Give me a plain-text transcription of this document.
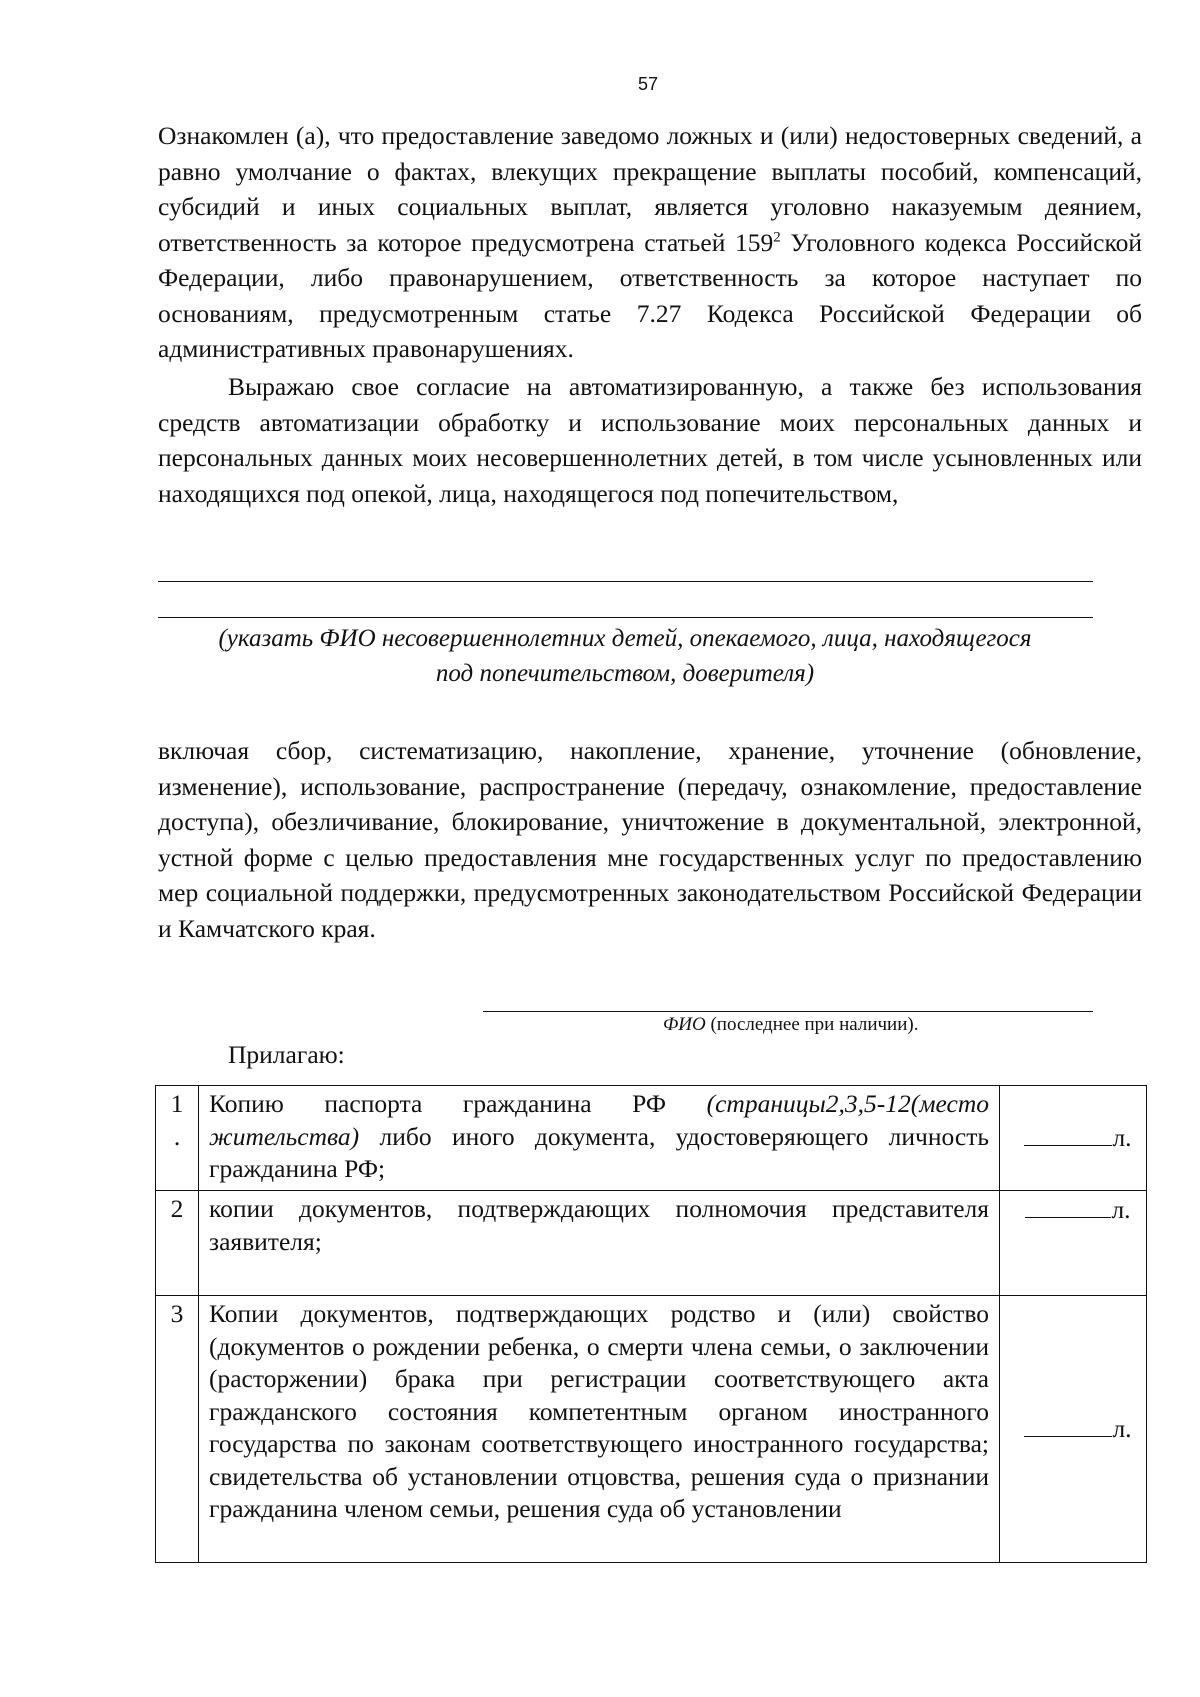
57

Ознакомлен (а), что предоставление заведомо ложных и (или) недостоверных сведений, а равно умолчание о фактах, влекущих прекращение выплаты пособий, компенсаций, субсидий и иных социальных выплат, является уголовно наказуемым деянием, ответственность за которое предусмотрена статьей $159^2$ Уголовного кодекса Российской Федерации, либо правонарушением, ответственность за которое наступает по основаниям, предусмотренным статье 7.27 Кодекса Российской Федерации об административных правонарушениях.

Выражаю свое согласие на автоматизированную, а также без использования средств автоматизации обработку и использование моих персональных данных и персональных данных моих несовершеннолетних детей, в том числе усыновленных или находящихся под опекой, лица, находящегося под попечительством,

(указать ФИО несовершеннолетних детей, опекаемого, лица, находящегося
под попечительством, доверителя)

включая сбор, систематизацию, накопление, хранение, уточнение (обновление, изменение), использование, распространение (передачу, ознакомление, предоставление доступа), обезличивание, блокирование, уничтожение в документальной, электронной, устной форме с целью предоставления мне государственных услуг по предоставлению мер социальной поддержки, предусмотренных законодательством Российской Федерации и Камчатского края.

ФИО (последнее при наличии).
Прилагаю:
1
.	Копию паспорта гражданина РФ (страницы2,3,5-12(место жительства) либо иного документа, удостоверяющего личность гражданина РФ;	л.
2	копии документов, подтверждающих полномочия представителя заявителя;	л.
3	Копии документов, подтверждающих родство и (или) свойство (документов о рождении ребенка, о смерти члена семьи, о заключении (расторжении) брака при регистрации соответствующего акта гражданского состояния компетентным органом иностранного государства по законам соответствующего иностранного государства; свидетельства об установлении отцовства, решения суда о признании гражданина членом семьи, решения суда об установлении	л.
